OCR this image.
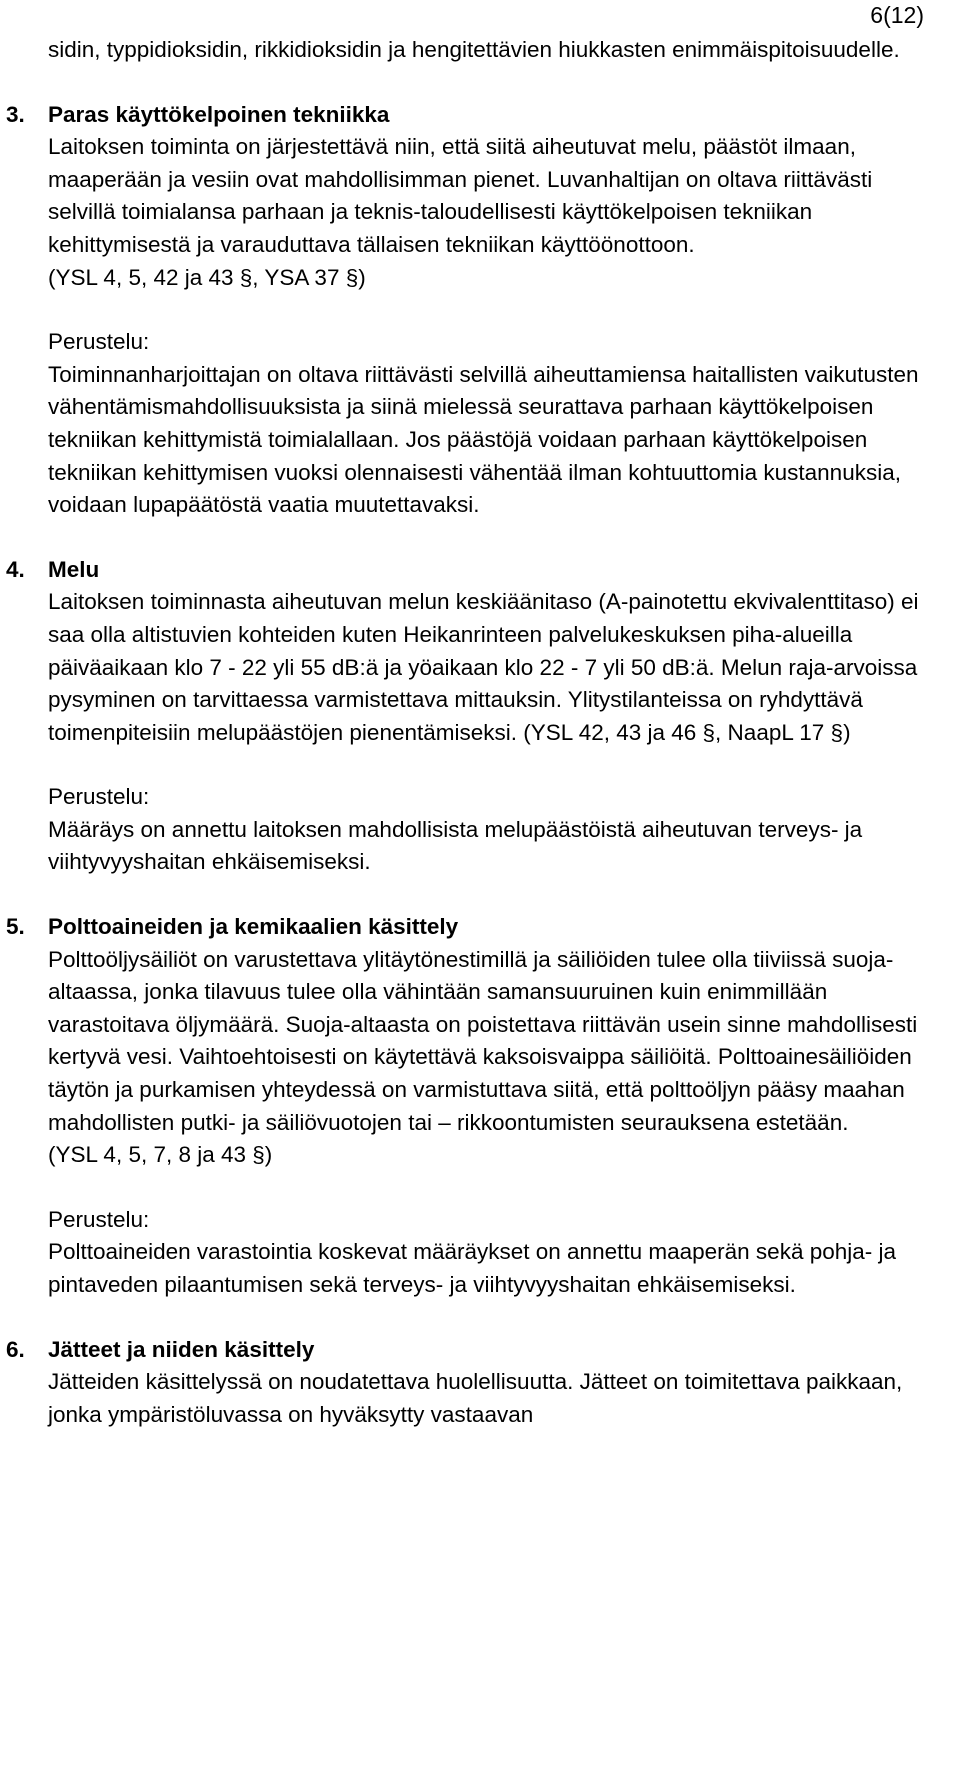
6(12)

sidin, typpidioksidin, rikkidioksidin ja hengitettävien hiukkasten enimmäispitoisuudelle.

3. Paras käyttökelpoinen tekniikka

Laitoksen toiminta on järjestettävä niin, että siitä aiheutuvat melu, päästöt ilmaan, maaperään ja vesiin ovat mahdollisimman pienet. Luvanhaltijan on oltava riittävästi selvillä toimialansa parhaan ja teknis-taloudellisesti käyttökelpoisen tekniikan kehittymisestä ja varauduttava tällaisen tekniikan käyttöönottoon.

(YSL 4, 5, 42 ja 43 §, YSA 37 §)

Perustelu:

Toiminnanharjoittajan on oltava riittävästi selvillä aiheuttamiensa haitallisten vaikutusten vähentämismahdollisuuksista ja siinä mielessä seurattava parhaan käyttökelpoisen tekniikan kehittymistä toimialallaan. Jos päästöjä voidaan parhaan käyttökelpoisen tekniikan kehittymisen vuoksi olennaisesti vähentää ilman kohtuuttomia kustannuksia, voidaan lupapäätöstä vaatia muutettavaksi.

4. Melu

Laitoksen toiminnasta aiheutuvan melun keskiäänitaso (A-painotettu ekvivalenttitaso) ei saa olla altistuvien kohteiden kuten Heikanrinteen palvelukeskuksen piha-alueilla päiväaikaan klo 7 - 22 yli 55 dB:ä ja yöaikaan klo 22 - 7 yli 50 dB:ä. Melun raja-arvoissa pysyminen on tarvittaessa varmistettava mittauksin. Ylitystilanteissa on ryhdyttävä toimenpiteisiin melupäästöjen pienentämiseksi. (YSL 42, 43 ja 46 §, NaapL 17 §)

Perustelu:

Määräys on annettu laitoksen mahdollisista melupäästöistä aiheutuvan terveys- ja viihtyvyyshaitan ehkäisemiseksi.

5. Polttoaineiden ja kemikaalien käsittely

Polttoöljysäiliöt on varustettava ylitäytönestimillä ja säiliöiden tulee olla tiiviissä suoja-altaassa, jonka tilavuus tulee olla vähintään samansuuruinen kuin enimmillään varastoitava öljymäärä. Suoja-altaasta on poistettava riittävän usein sinne mahdollisesti kertyvä vesi. Vaihtoehtoisesti on käytettävä kaksoisvaippa säiliöitä. Polttoainesäiliöiden täytön ja purkamisen yhteydessä on varmistuttava siitä, että polttoöljyn pääsy maahan mahdollisten putki- ja säiliövuotojen tai – rikkoontumisten seurauksena estetään.

(YSL 4, 5, 7, 8 ja 43 §)

Perustelu:

Polttoaineiden varastointia koskevat määräykset on annettu maaperän sekä pohja- ja pintaveden pilaantumisen sekä terveys- ja viihtyvyyshaitan ehkäisemiseksi.

6. Jätteet ja niiden käsittely

Jätteiden käsittelyssä on noudatettava huolellisuutta. Jätteet on toimitettava paikkaan, jonka ympäristöluvassa on hyväksytty vastaavan
